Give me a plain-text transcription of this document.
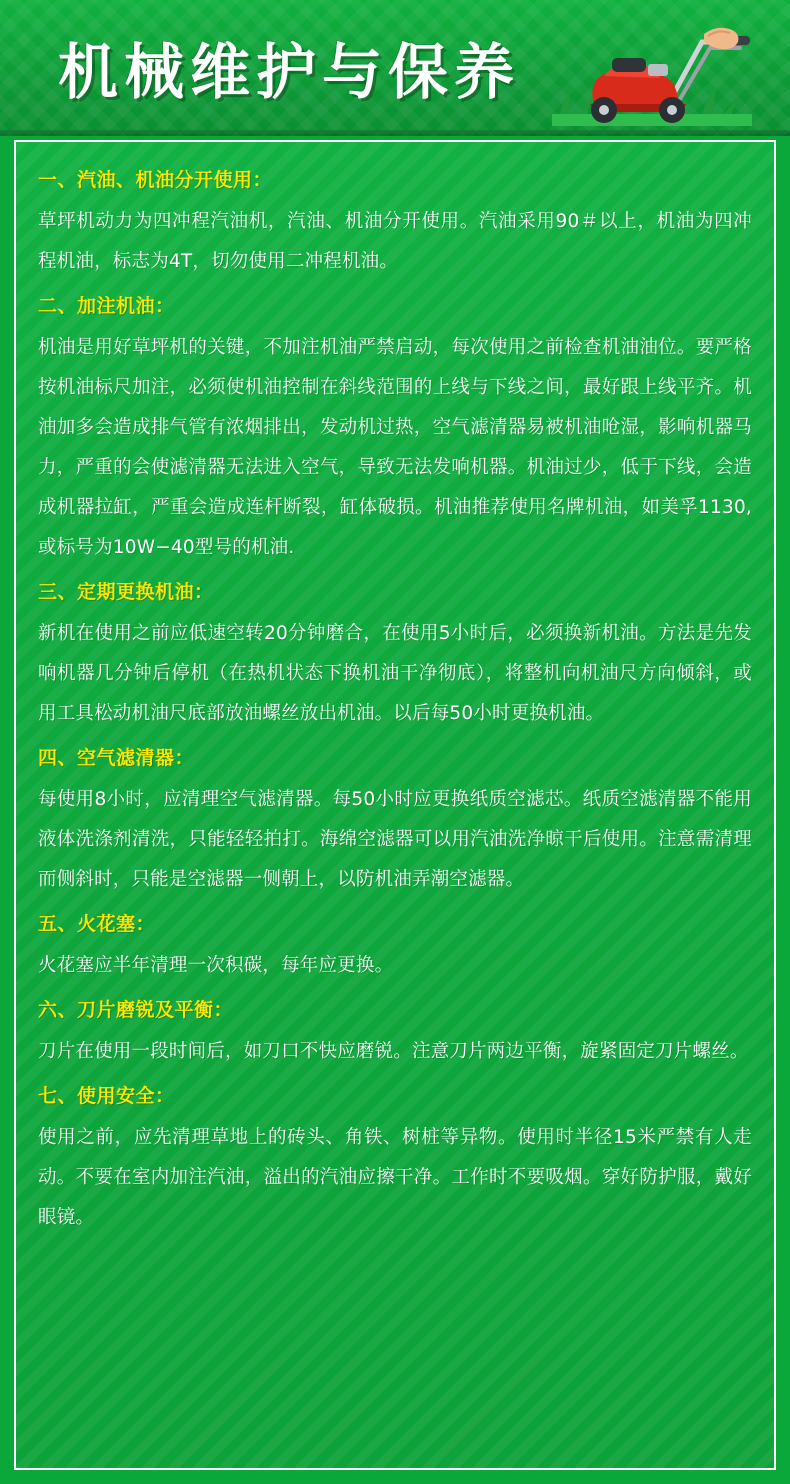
机械维护与保养
一、汽油、机油分开使用：
草坪机动力为四冲程汽油机，汽油、机油分开使用。汽油采用90＃以上，机油为四冲程机油，标志为4T，切勿使用二冲程机油。
二、加注机油：
机油是用好草坪机的关键，不加注机油严禁启动，每次使用之前检查机油油位。要严格按机油标尺加注，必须使机油控制在斜线范围的上线与下线之间，最好跟上线平齐。机油加多会造成排气管有浓烟排出，发动机过热，空气滤清器易被机油呛湿，影响机器马力，严重的会使滤清器无法进入空气，导致无法发响机器。机油过少，低于下线，会造成机器拉缸，严重会造成连杆断裂，缸体破损。机油推荐使用名牌机油，如美孚1130,或标号为10W−40型号的机油.
三、定期更换机油：
新机在使用之前应低速空转20分钟磨合，在使用5小时后，必须换新机油。方法是先发响机器几分钟后停机（在热机状态下换机油干净彻底），将整机向机油尺方向倾斜，或用工具松动机油尺底部放油螺丝放出机油。以后每50小时更换机油。
四、空气滤清器：
每使用8小时，应清理空气滤清器。每50小时应更换纸质空滤芯。纸质空滤清器不能用液体洗涤剂清洗，只能轻轻拍打。海绵空滤器可以用汽油洗净晾干后使用。注意需清理而侧斜时，只能是空滤器一侧朝上，以防机油弄潮空滤器。
五、火花塞：
火花塞应半年清理一次积碳，每年应更换。
六、刀片磨锐及平衡：
刀片在使用一段时间后，如刀口不快应磨锐。注意刀片两边平衡，旋紧固定刀片螺丝。
七、使用安全：
使用之前，应先清理草地上的砖头、角铁、树桩等异物。使用时半径15米严禁有人走动。不要在室内加注汽油，溢出的汽油应擦干净。工作时不要吸烟。穿好防护服，戴好眼镜。
